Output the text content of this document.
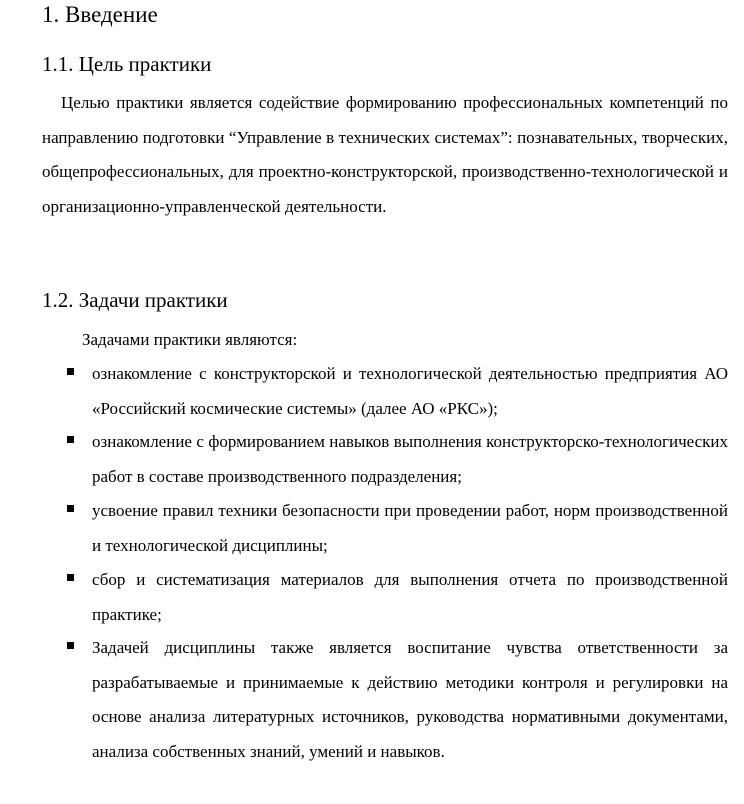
1. Введение
1.1. Цель практики

Целью практики является содействие формированию профессиональных компетенций по направлению подготовки “Управление в технических системах”: познавательных, творческих, общепрофессиональных, для проектно-конструкторской, производственно-технологической и организационно-управленческой деятельности.

1.2. Задачи практики

Задачами практики являются:

ознакомление с конструкторской и технологической деятельностью предприятия АО «Российский космические системы» (далее АО «РКС»);

ознакомление с формированием навыков выполнения конструкторско-технологических работ в составе производственного подразделения;

усвоение правил техники безопасности при проведении работ, норм производственной и технологической дисциплины;

сбор и систематизация материалов для выполнения отчета по производственной практике;

Задачей дисциплины также является воспитание чувства ответственности за разрабатываемые и принимаемые к действию методики контроля и регулировки на основе анализа литературных источников, руководства нормативными документами, анализа собственных знаний, умений и навыков.
